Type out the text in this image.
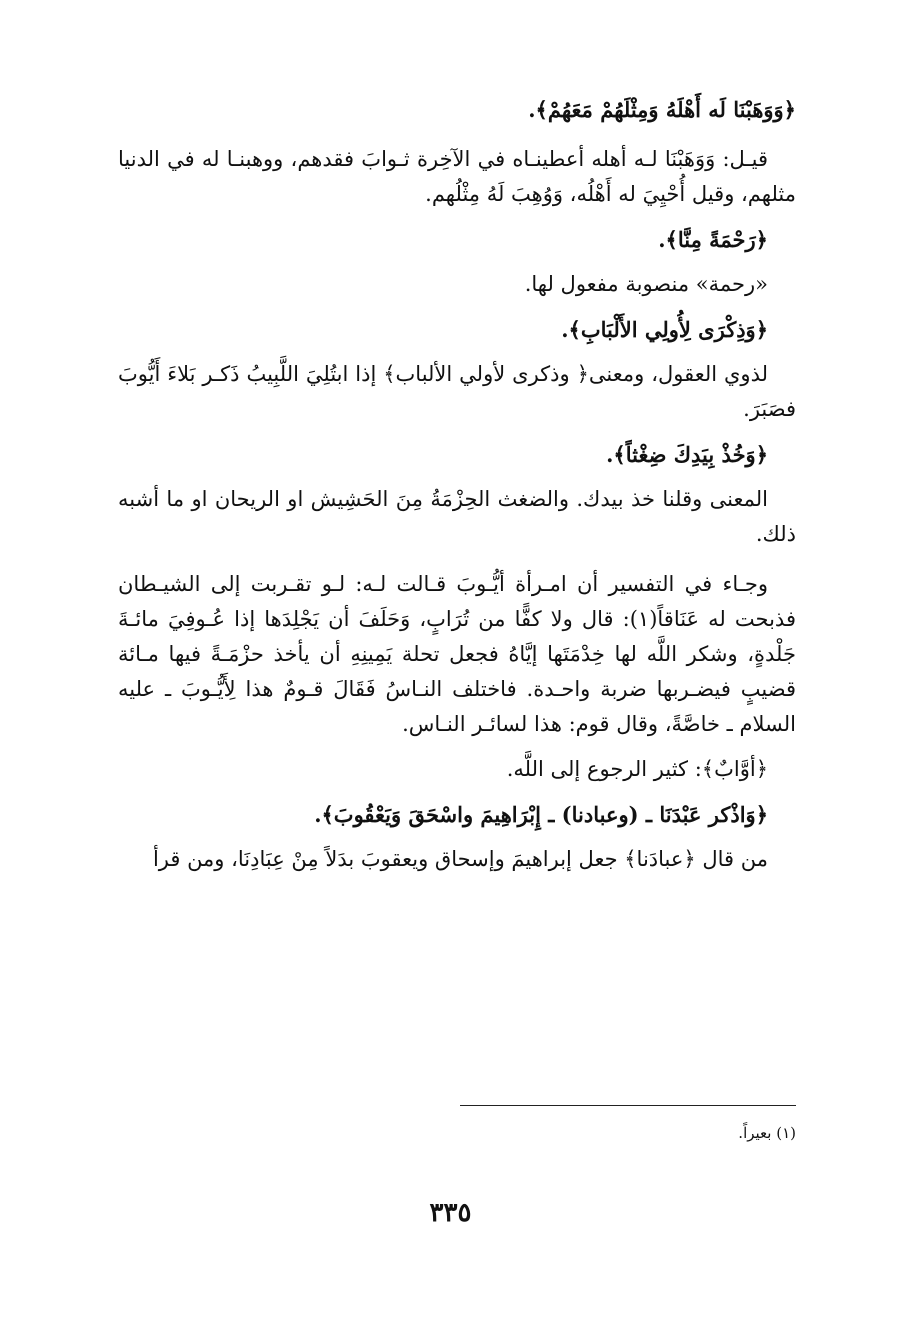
﴿وَوَهَبْنَا لَه أَهْلَهُ وَمِثْلَهُمْ مَعَهُمْ﴾.

قيـل: وَوَهَبْنَا لـه أهله أعطينـاه في الآخِرة ثـوابَ فقدهم، ووهبنـا له في الدنيا مثلهم، وقيل أُحْيِيَ له أَهْلُه، وَوُهِبَ لَهُ مِثْلُهم.

﴿رَحْمَةً مِنَّا﴾.

«رحمة» منصوبة مفعول لها.

﴿وَذِكْرَى لِأُولِي الأَلْبَابِ﴾.

لذوي العقول، ومعنى﴿ وذكرى لأولي الألباب﴾ إذا ابتُلِيَ اللَّبِيبُ ذَكـر بَلاءَ أَيُّوبَ فصَبَرَ.

﴿وَخُذْ بِيَدِكَ ضِغْثاً﴾.

المعنى وقلنا خذ بيدك. والضغث الحِزْمَةُ مِنَ الحَشِيش او الريحان او ما أشبه ذلك.

وجـاء في التفسير أن امـرأة أيُّـوبَ قـالت لـه: لـو تقـربت إلى الشيـطان فذبحت له عَنَاقاً(١): قال ولا كفًّا من تُرَابٍ، وَحَلَفَ أن يَجْلِدَها إذا عُـوفِيَ مائـةَ جَلْدةٍ، وشكر اللَّه لها خِدْمَتَها إيَّاهُ فجعل تحلة يَمِينِهِ أن يأخذ حزْمَـةً فيها مـائة قضيبٍ فيضـربها ضربة واحـدة. فاختلف النـاسُ فَقَالَ قـومٌ هذا لِأَيُّـوبَ ـ عليه السلام ـ خاصَّةً، وقال قوم: هذا لسائـر النـاس.

﴿أوَّابٌ﴾: كثير الرجوع إلى اللَّه.

﴿وَاذْكر عَبْدَنَا ـ (وعبادنا) ـ إِبْرَاهِيمَ واسْحَقَ وَيَعْقُوبَ﴾.

من قال ﴿عبادَنا﴾ جعل إبراهيمَ وإسحاق ويعقوبَ بدَلاً مِنْ عِبَادِنَا، ومن قرأ

(١) بعيراً.
٣٣٥
